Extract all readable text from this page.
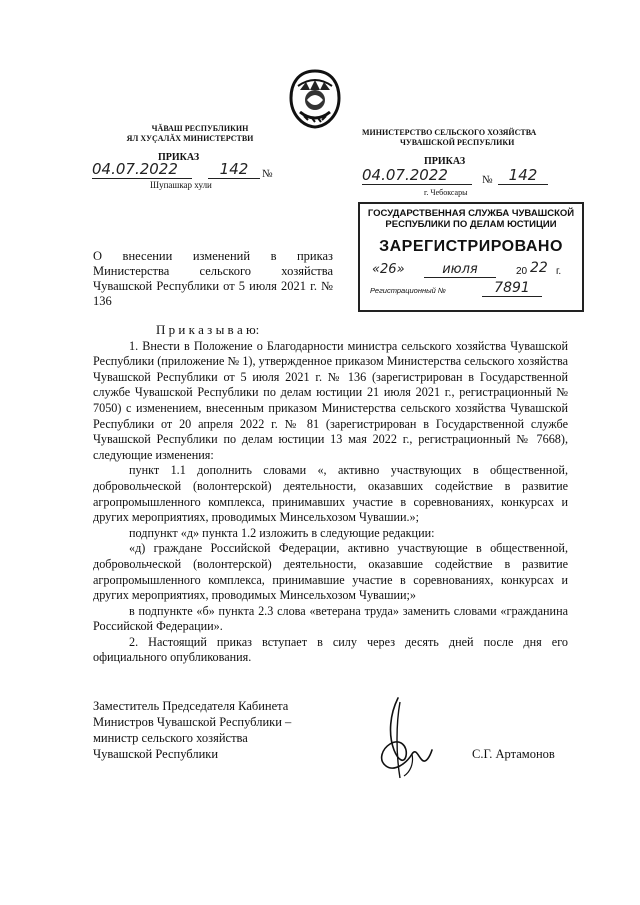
ЧĂВАШ РЕСПУБЛИКИН
ЯЛ ХУÇАЛĂХ МИНИСТЕРСТВИ
ПРИКАЗ
04.07.2022	142	№
Шупашкар хули
МИНИСТЕРСТВО СЕЛЬСКОГО ХОЗЯЙСТВА
ЧУВАШСКОЙ РЕСПУБЛИКИ
ПРИКАЗ
04.07.2022	№	142
г. Чебоксары
ГОСУДАРСТВЕННАЯ СЛУЖБА ЧУВАШСКОЙ
РЕСПУБЛИКИ ПО ДЕЛАМ ЮСТИЦИИ
ЗАРЕГИСТРИРОВАНО
«26»	июля	20 22 г.
Регистрационный №	7891
О внесении изменений в приказ Министерства сельского хозяйства Чувашской Республики от 5 июля 2021 г. № 136

П р и к а з ы в а ю:

1. Внести в Положение о Благодарности министра сельского хозяйства Чувашской Республики (приложение № 1), утвержденное приказом Министерства сельского хозяйства Чувашской Республики от 5 июля 2021 г. № 136 (зарегистрирован в Государственной службе Чувашской Республики по делам юстиции 21 июля 2021 г., регистрационный № 7050) с изменением, внесенным приказом Министерства сельского хозяйства Чувашской Республики от 20 апреля 2022 г. № 81 (зарегистрирован в Государственной службе Чувашской Республики по делам юстиции 13 мая 2022 г., регистрационный № 7668), следующие изменения:

пункт 1.1 дополнить словами «, активно участвующих в общественной, добровольческой (волонтерской) деятельности, оказавших содействие в развитие агропромышленного комплекса, принимавших участие в соревнованиях, конкурсах и других мероприятиях, проводимых Минсельхозом Чувашии.»;

подпункт «д» пункта 1.2 изложить в следующие редакции:

«д) граждане Российской Федерации, активно участвующие в общественной, добровольческой (волонтерской) деятельности, оказавшие содействие в развитие агропромышленного комплекса, принимавшие участие в соревнованиях, конкурсах и других мероприятиях, проводимых Минсельхозом Чувашии;»

в подпункте «б» пункта 2.3 слова «ветерана труда» заменить словами «гражданина Российской Федерации».

2. Настоящий приказ вступает в силу через десять дней после дня его официального опубликования.

Заместитель Председателя Кабинета
Министров Чувашской Республики –
министр сельского хозяйства
Чувашской Республики	С.Г. Артамонов
